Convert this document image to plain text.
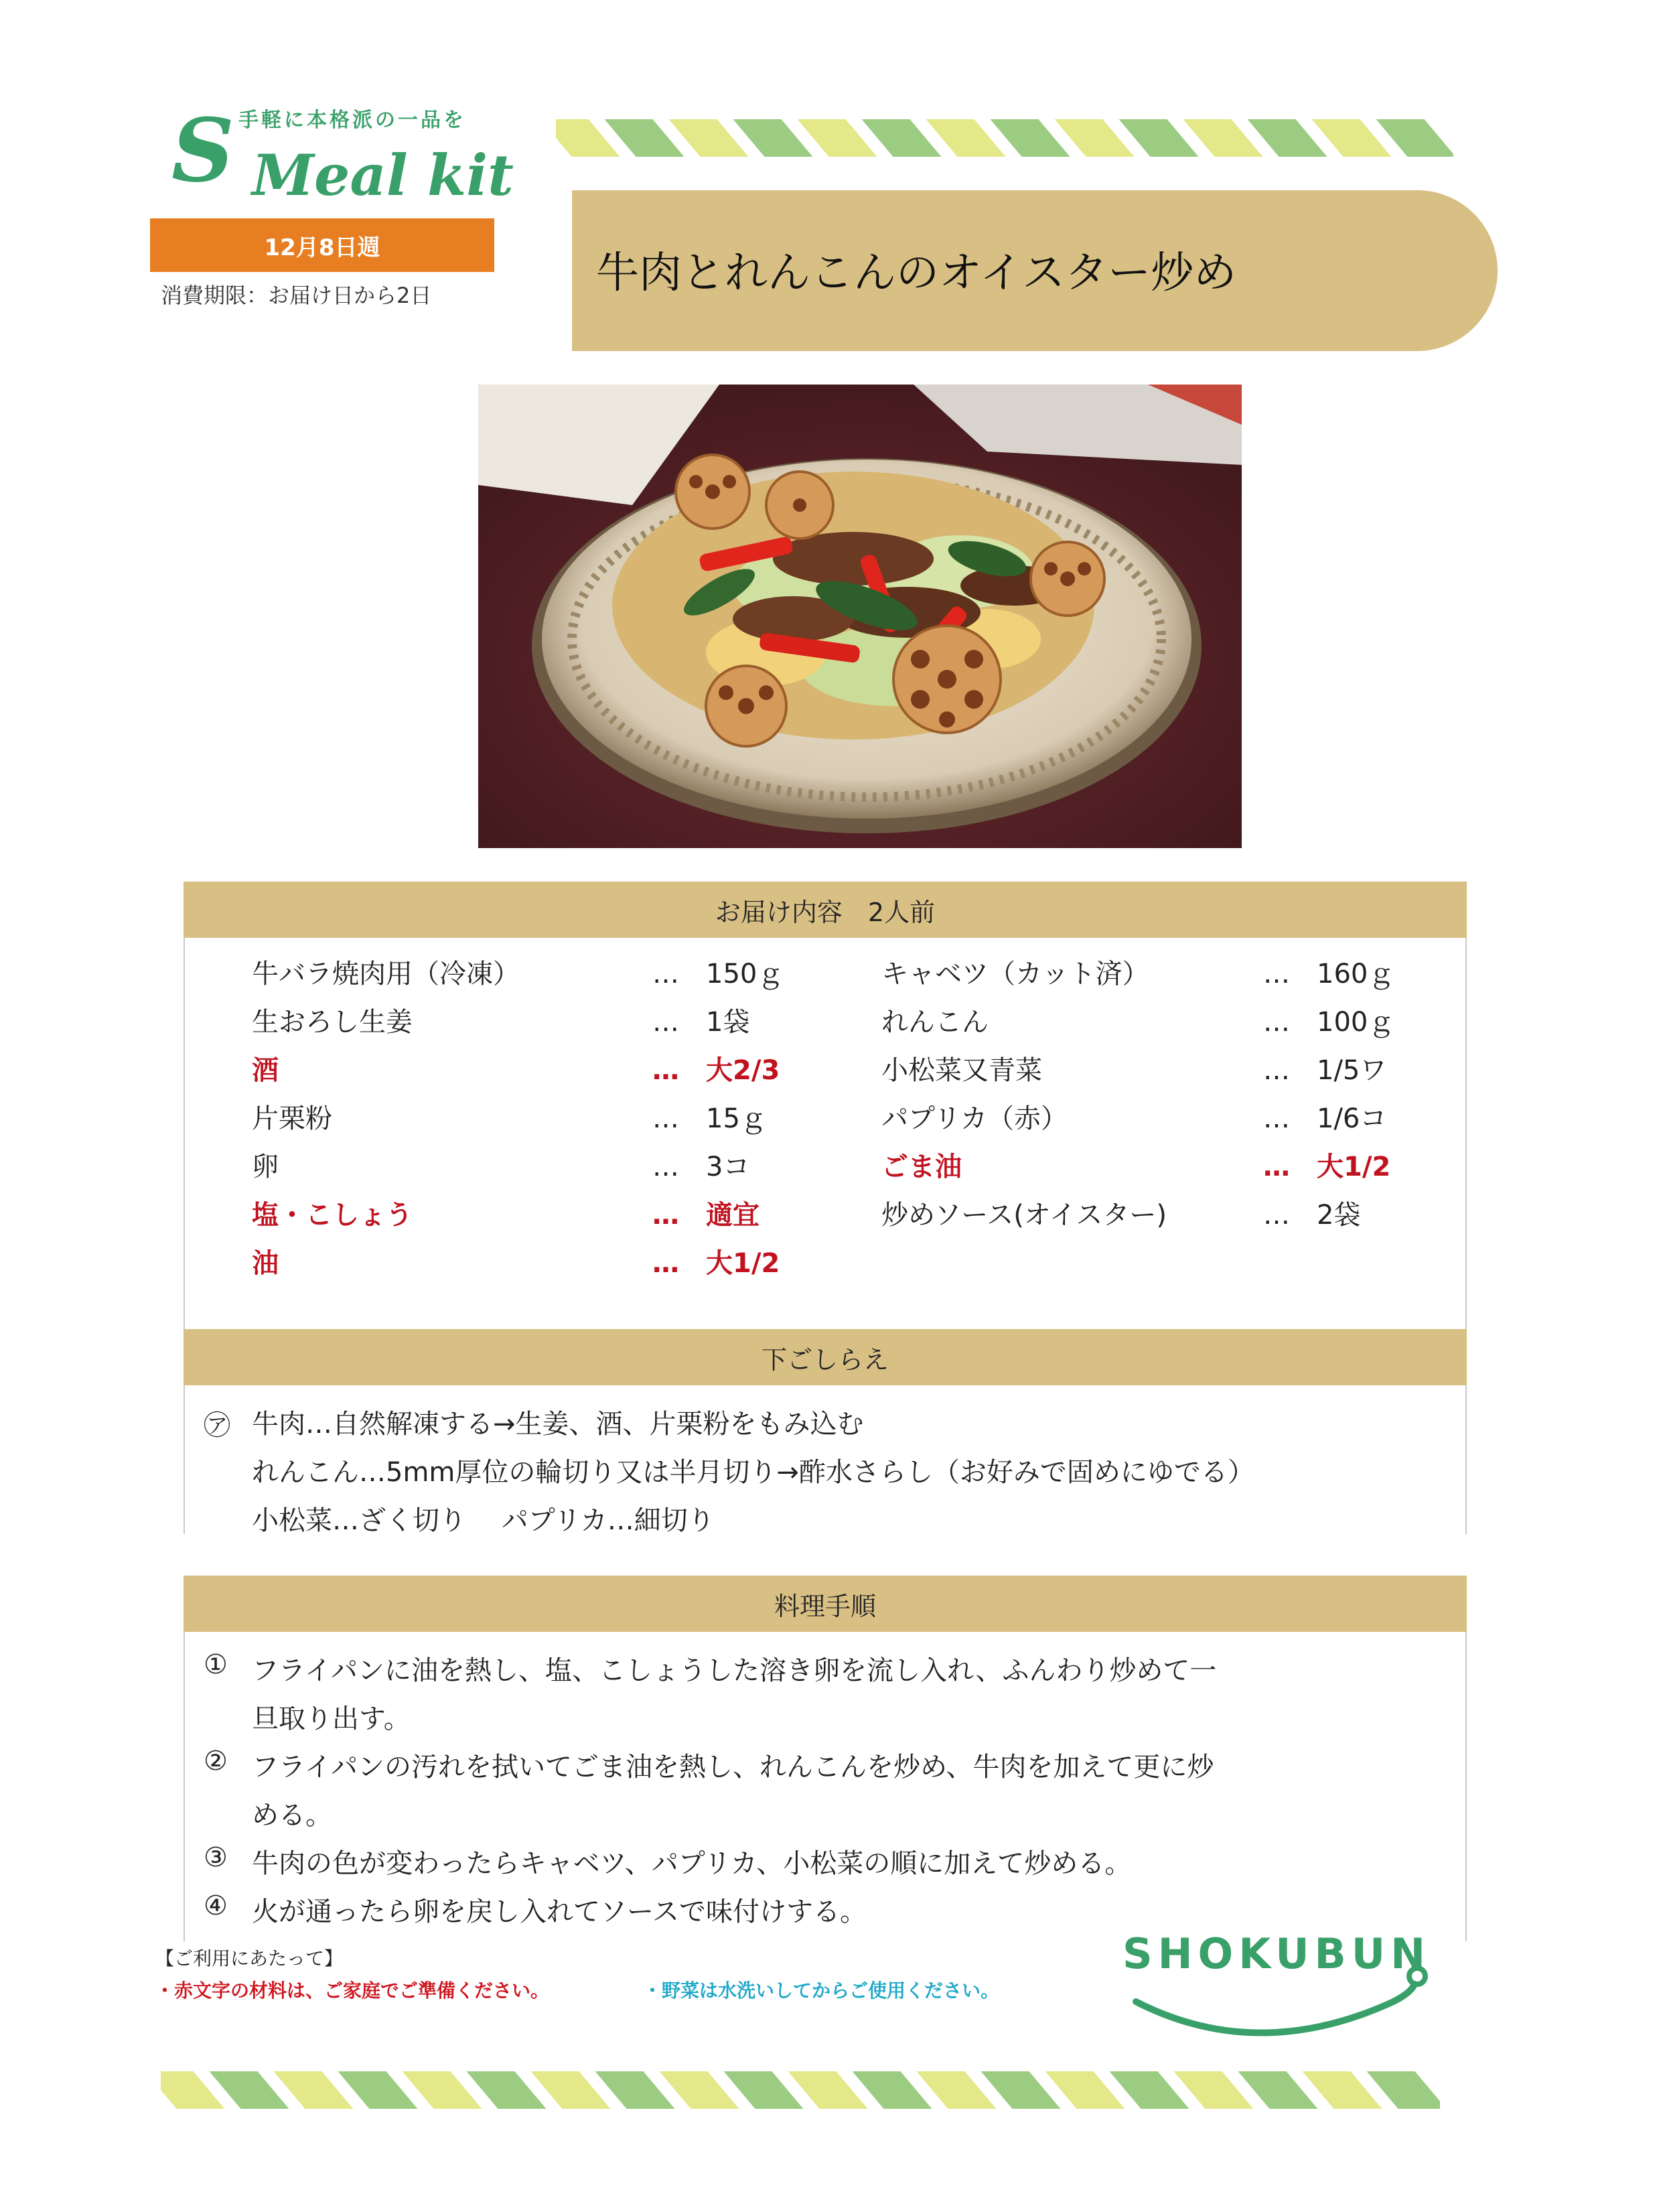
手軽に本格派の一品を
S Meal kit
12月8日週
消費期限：お届け日から2日	牛肉とれんこんのオイスター炒め
お届け内容　2人前
牛バラ焼肉用（冷凍）	… 150ｇ
生おろし生姜	… 1袋
酒	… 大2/3
片栗粉	… 15ｇ
卵	… 3コ
塩・こしょう	… 適宜
油	… 大1/2
キャベツ（カット済）	… 160ｇ
れんこん	… 100ｇ
小松菜又青菜	… 1/5ワ
パプリカ（赤）	… 1/6コ
ごま油	… 大1/2
炒めソース(オイスター)	… 2袋
下ごしらえ
㋐ 牛肉…自然解凍する→生姜、酒、片栗粉をもみ込む
れんこん…5mm厚位の輪切り又は半月切り→酢水さらし（お好みで固めにゆでる）
小松菜…ざく切り　 パプリカ…細切り
料理手順
① フライパンに油を熱し、塩、こしょうした溶き卵を流し入れ、ふんわり炒めて一
旦取り出す。
② フライパンの汚れを拭いてごま油を熱し、れんこんを炒め、牛肉を加えて更に炒
める。
③ 牛肉の色が変わったらキャベツ、パプリカ、小松菜の順に加えて炒める。
④ 火が通ったら卵を戻し入れてソースで味付けする。
【ご利用にあたって】
・赤文字の材料は、ご家庭でご準備ください。	・野菜は水洗いしてからご使用ください。
SHOKUBUN
